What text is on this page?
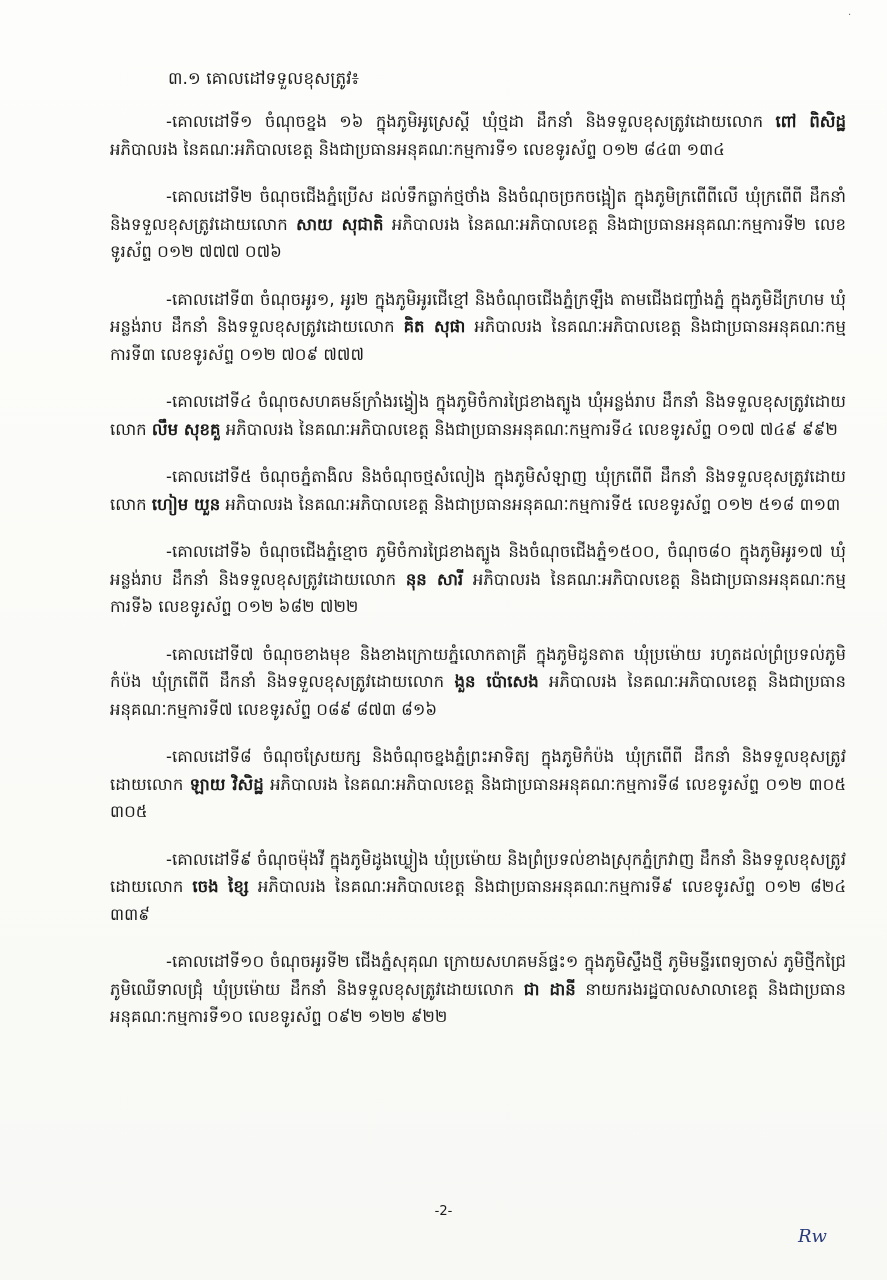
·
៣.១ គោលដៅទទួលខុសត្រូវ៖

-គោលដៅទី១ ចំណុចខ្នង ១៦ ក្នុងភូមិអូស្រេស្តី ឃុំថ្មដា ដឹកនាំ និងទទួលខុសត្រូវដោយលោក ពៅ ពិសិដ្ឋ អភិបាលរង នៃគណៈអភិបាលខេត្ត និងជាប្រធានអនុគណៈកម្មការទី១ លេខទូរស័ព្ទ ០១២ ៨៤៣ ១៣៤

-គោលដៅទី២ ចំណុចជើងភ្នំប្រើស ដល់ទឹកធ្លាក់ថ្មថាំង និងចំណុចច្រកចង្អៀត ក្នុងភូមិក្រពើពីលើ ឃុំក្រពើពី ដឹកនាំ និងទទួលខុសត្រូវដោយលោក សាយ សុជាតិ អភិបាលរង នៃគណៈអភិបាលខេត្ត និងជាប្រធានអនុគណៈកម្មការទី២ លេខទូរស័ព្ទ ០១២ ៧៧៧ ០៧៦

-គោលដៅទី៣ ចំណុចអូរ១, អូរ២ ក្នុងភូមិអូរជើខ្មៅ និងចំណុចជើងភ្នំក្រឡឹង តាមជើងជញ្ជាំងភ្នំ ក្នុងភូមិដីក្រហម ឃុំអន្លង់រាប ដឹកនាំ និងទទួលខុសត្រូវដោយលោក គិត សុផា អភិបាលរង នៃគណៈអភិបាលខេត្ត និងជាប្រធានអនុគណៈកម្មការទី៣ លេខទូរស័ព្ទ ០១២ ៧០៩ ៧៧៧

-គោលដៅទី៤ ចំណុចសហគមន៍ក្រាំងរង្វៀង ក្នុងភូមិចំការជ្រៃខាងត្បូង ឃុំអន្លង់រាប ដឹកនាំ និងទទួលខុសត្រូវដោយលោក លឹម សុខគួ អភិបាលរង នៃគណៈអភិបាលខេត្ត និងជាប្រធានអនុគណៈកម្មការទី៤ លេខទូរស័ព្ទ ០១៧ ៧៤៩ ៩៩២

-គោលដៅទី៥ ចំណុចភ្នំតាងិល និងចំណុចថ្មសំលៀង ក្នុងភូមិសំឡាញ ឃុំក្រពើពី ដឹកនាំ និងទទួលខុសត្រូវដោយលោក ហៀម យួន អភិបាលរង នៃគណៈអភិបាលខេត្ត និងជាប្រធានអនុគណៈកម្មការទី៥ លេខទូរស័ព្ទ ០១២ ៥១៨ ៣១៣

-គោលដៅទី៦ ចំណុចជើងភ្នំខ្មោច ភូមិចំការជ្រៃខាងត្បូង និងចំណុចជើងភ្នំ១៥០០, ចំណុច៨០ ក្នុងភូមិអូរ១៧ ឃុំអន្លង់រាប ដឹកនាំ និងទទួលខុសត្រូវដោយលោក នុន សារី អភិបាលរង នៃគណៈអភិបាលខេត្ត និងជាប្រធានអនុគណៈកម្មការទី៦ លេខទូរស័ព្ទ ០១២ ៦៨២ ៧២២

-គោលដៅទី៧ ចំណុចខាងមុខ និងខាងក្រោយភ្នំលោកតាគ្រី ក្នុងភូមិដូនតាត ឃុំប្រម៉ោយ រហូតដល់ព្រំប្រទល់ភូមិកំប៉ង ឃុំក្រពើពី ដឹកនាំ និងទទួលខុសត្រូវដោយលោក ងួន ប៉ោសេង អភិបាលរង នៃគណៈអភិបាលខេត្ត និងជាប្រធានអនុគណៈកម្មការទី៧ លេខទូរស័ព្ទ ០៨៩ ៨៧៣ ៨១៦

-គោលដៅទី៨ ចំណុចស្រែយក្ស និងចំណុចខ្នងភ្នំព្រះអាទិត្យ ក្នុងភូមិកំប៉ង ឃុំក្រពើពី ដឹកនាំ និងទទួលខុសត្រូវដោយលោក ឡាយ វិសិដ្ឋ អភិបាលរង នៃគណៈអភិបាលខេត្ត និងជាប្រធានអនុគណៈកម្មការទី៨ លេខទូរស័ព្ទ ០១២ ៣០៥ ៣០៥

-គោលដៅទី៩ ចំណុចម៉ុងវី ក្នុងភូមិដូងឃ្លៀង ឃុំប្រម៉ោយ និងព្រំប្រទល់ខាងស្រុកភ្នំក្រវាញ ដឹកនាំ និងទទួលខុសត្រូវដោយលោក ចេង ខ្សៃ អភិបាលរង នៃគណៈអភិបាលខេត្ត និងជាប្រធានអនុគណៈកម្មការទី៩ លេខទូរស័ព្ទ ០១២ ៨២៤ ៣៣៩

-គោលដៅទី១០ ចំណុចអូរទី២ ជើងភ្នំសុគុណ ក្រោយសហគមន៍ផ្ទះ១ ក្នុងភូមិស្ទឹងថ្មី ភូមិមន្ទីរពេទ្យចាស់ ភូមិថ្មីកជ្រៃ ភូមិឈើទាលជ្រុំ ឃុំប្រម៉ោយ ដឹកនាំ និងទទួលខុសត្រូវដោយលោក ជា ដានី នាយករងរដ្ឋបាលសាលាខេត្ត និងជាប្រធានអនុគណៈកម្មការទី១០ លេខទូរស័ព្ទ ០៩២ ១២២ ៩២២

-2-
Rw
